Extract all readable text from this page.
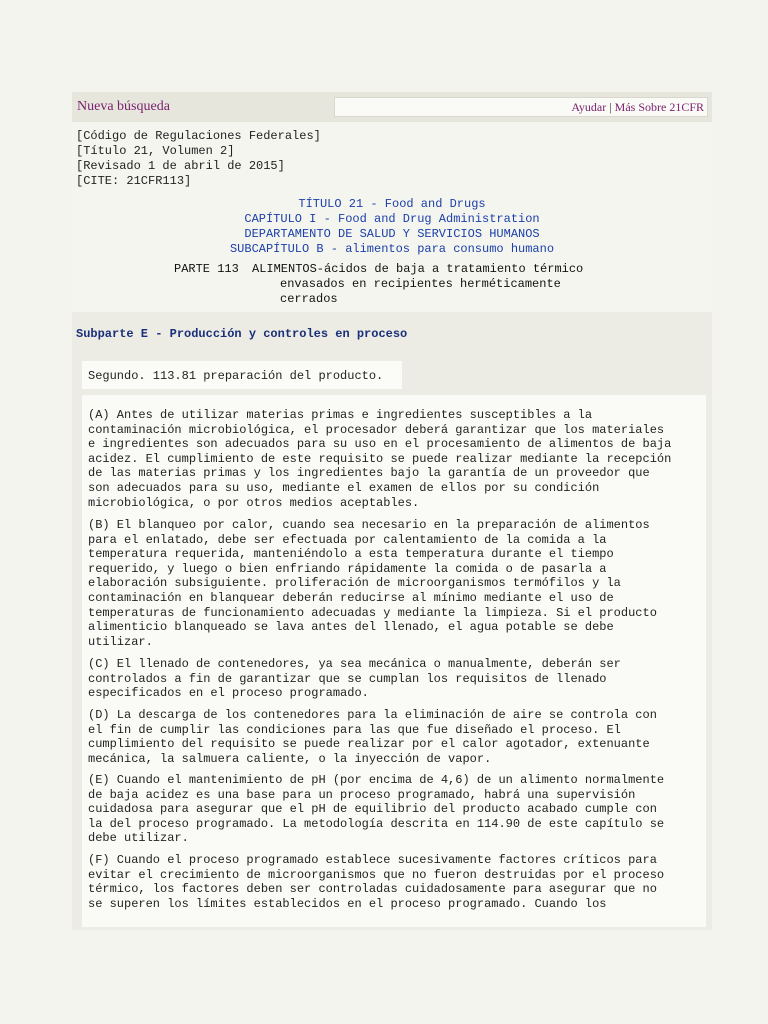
Nueva búsqueda	Ayudar | Más Sobre 21CFR
[Código de Regulaciones Federales]
[Título 21, Volumen 2]
[Revisado 1 de abril de 2015]
[CITE: 21CFR113]
TÍTULO 21 - Food and Drugs
CAPÍTULO I - Food and Drug Administration
DEPARTAMENTO DE SALUD Y SERVICIOS HUMANOS
SUBCAPÍTULO B - alimentos para consumo humano
PARTE 113 ALIMENTOS-ácidos de baja a tratamiento térmico
envasados en recipientes herméticamente
cerrados
Subparte E - Producción y controles en proceso
Segundo. 113.81 preparación del producto.
(A) Antes de utilizar materias primas e ingredientes susceptibles a la
contaminación microbiológica, el procesador deberá garantizar que los materiales
e ingredientes son adecuados para su uso en el procesamiento de alimentos de baja
acidez. El cumplimiento de este requisito se puede realizar mediante la recepción
de las materias primas y los ingredientes bajo la garantía de un proveedor que
son adecuados para su uso, mediante el examen de ellos por su condición
microbiológica, o por otros medios aceptables.
(B) El blanqueo por calor, cuando sea necesario en la preparación de alimentos
para el enlatado, debe ser efectuada por calentamiento de la comida a la
temperatura requerida, manteniéndolo a esta temperatura durante el tiempo
requerido, y luego o bien enfriando rápidamente la comida o de pasarla a
elaboración subsiguiente. proliferación de microorganismos termófilos y la
contaminación en blanquear deberán reducirse al mínimo mediante el uso de
temperaturas de funcionamiento adecuadas y mediante la limpieza. Si el producto
alimenticio blanqueado se lava antes del llenado, el agua potable se debe
utilizar.
(C) El llenado de contenedores, ya sea mecánica o manualmente, deberán ser
controlados a fin de garantizar que se cumplan los requisitos de llenado
especificados en el proceso programado.
(D) La descarga de los contenedores para la eliminación de aire se controla con
el fin de cumplir las condiciones para las que fue diseñado el proceso. El
cumplimiento del requisito se puede realizar por el calor agotador, extenuante
mecánica, la salmuera caliente, o la inyección de vapor.
(E) Cuando el mantenimiento de pH (por encima de 4,6) de un alimento normalmente
de baja acidez es una base para un proceso programado, habrá una supervisión
cuidadosa para asegurar que el pH de equilibrio del producto acabado cumple con
la del proceso programado. La metodología descrita en 114.90 de este capítulo se
debe utilizar.
(F) Cuando el proceso programado establece sucesivamente factores críticos para
evitar el crecimiento de microorganismos que no fueron destruidas por el proceso
térmico, los factores deben ser controladas cuidadosamente para asegurar que no
se superen los límites establecidos en el proceso programado. Cuando los
